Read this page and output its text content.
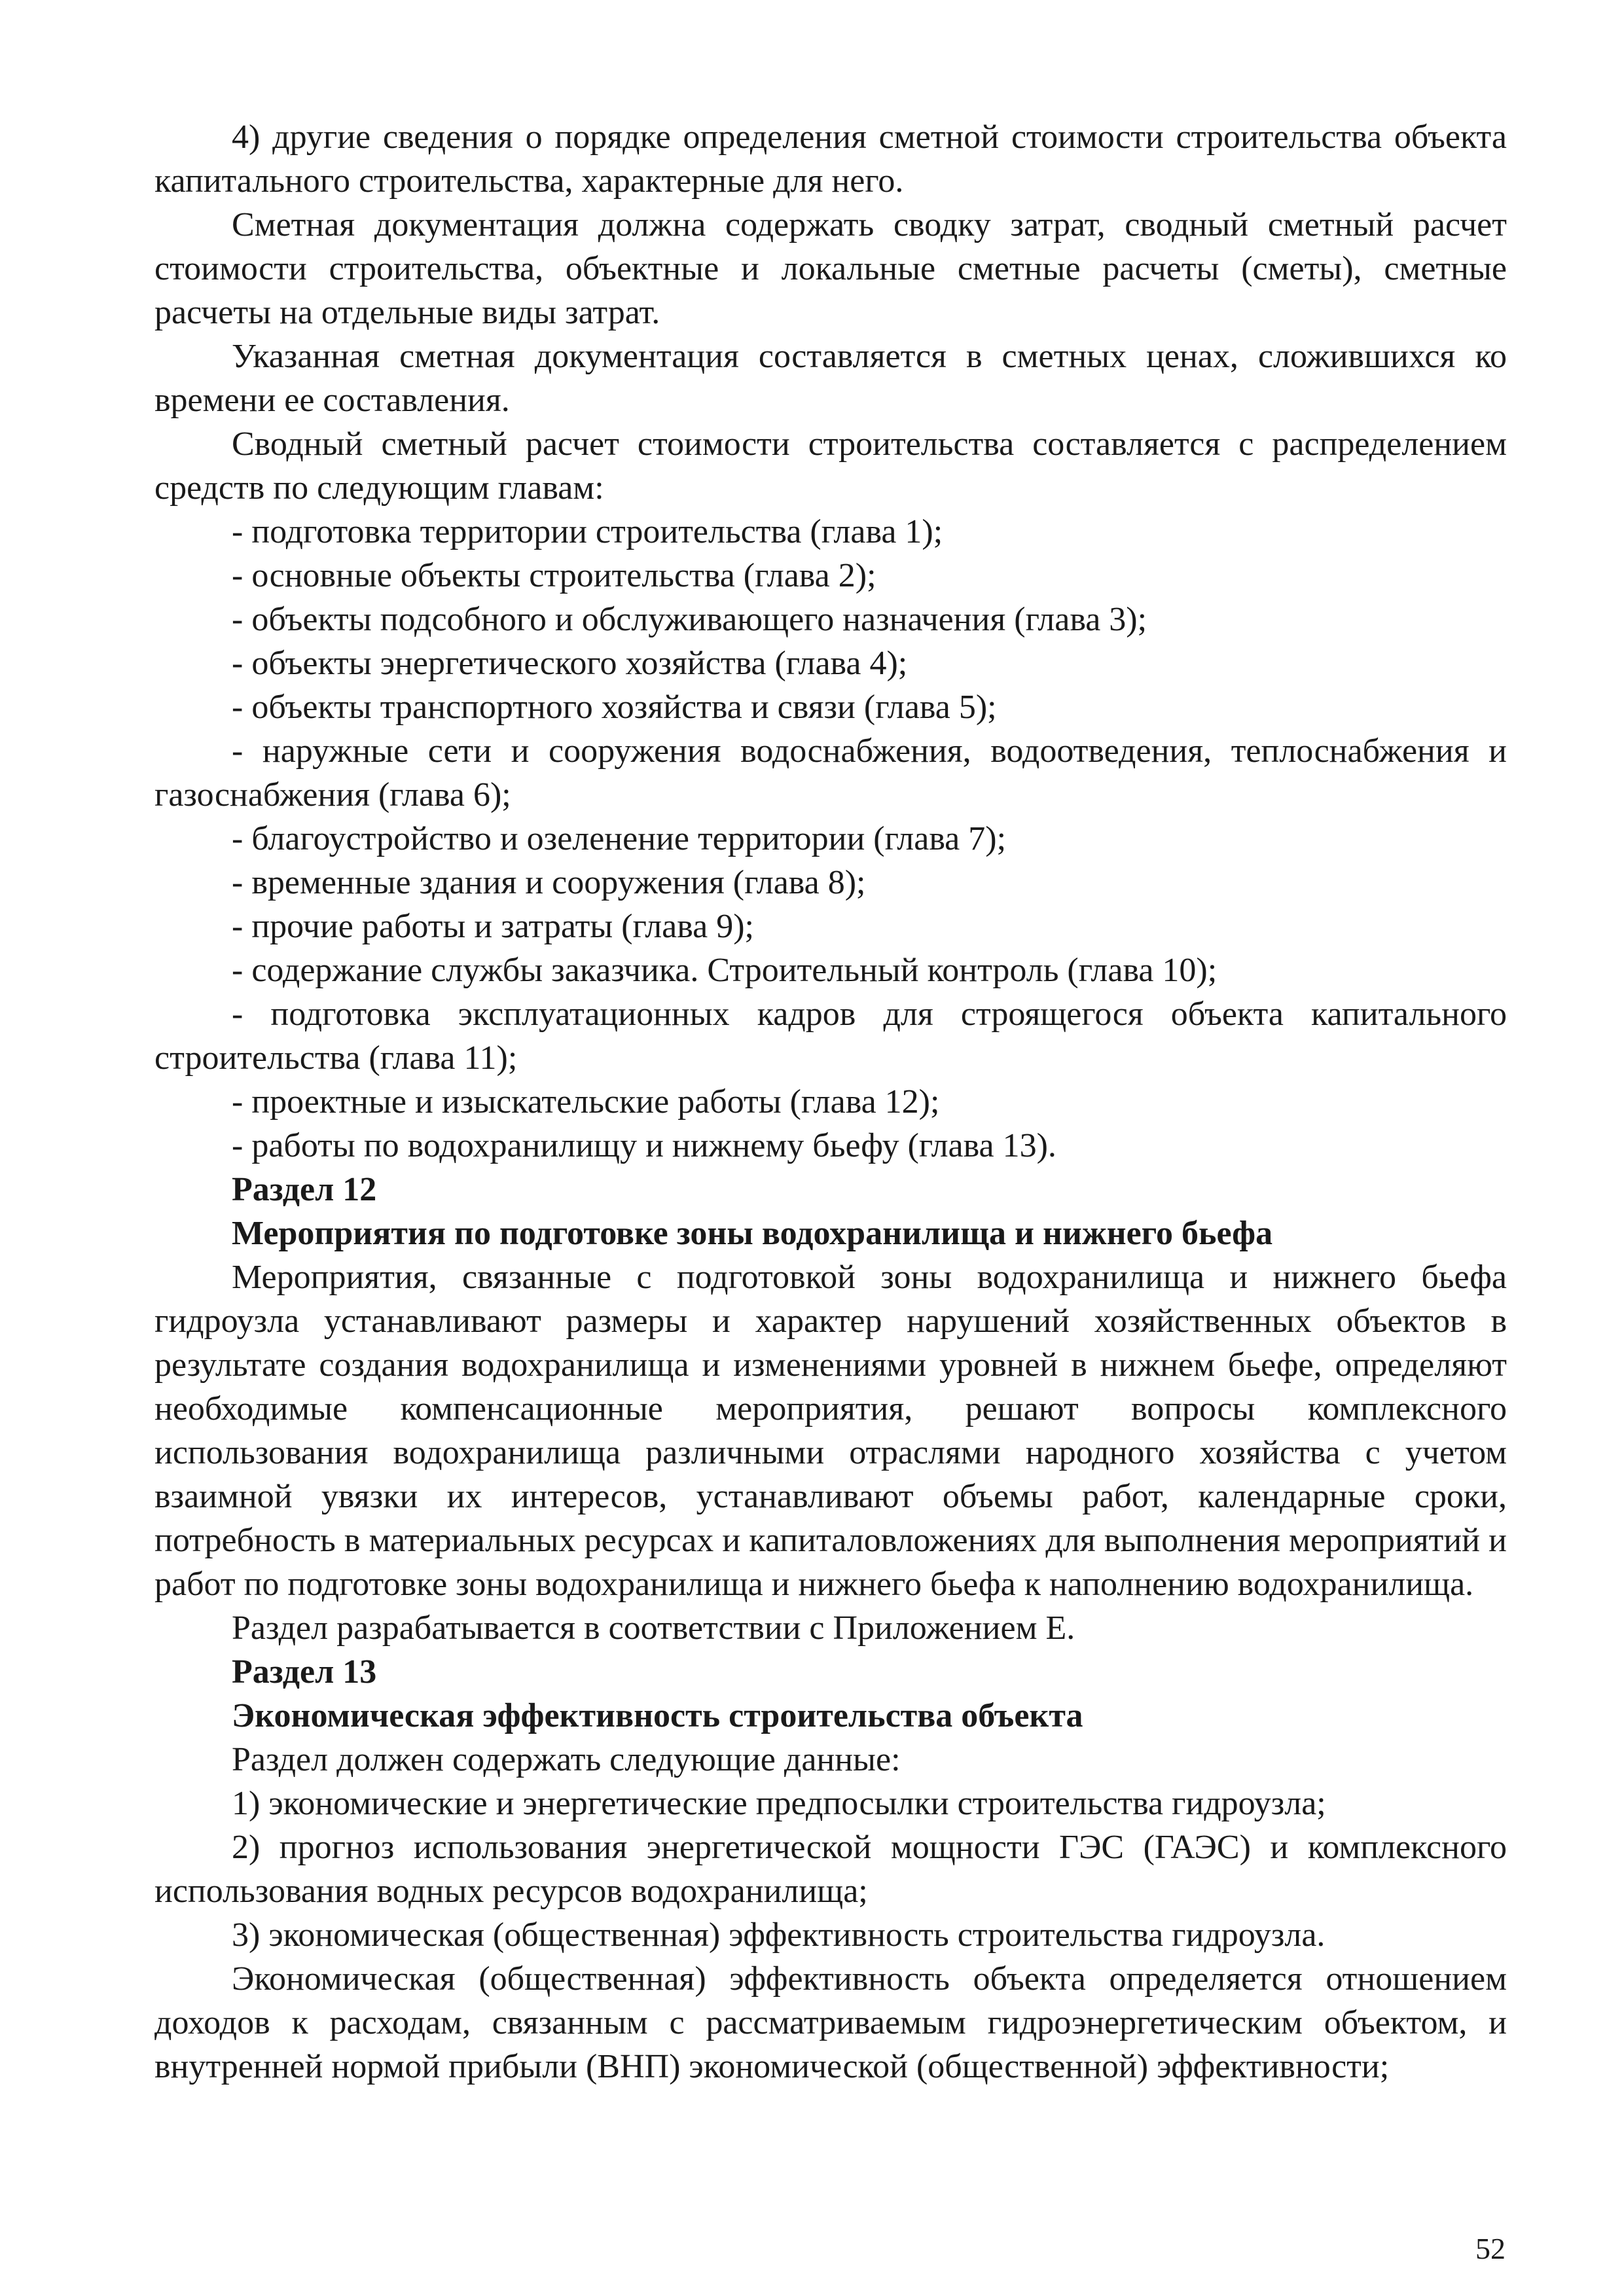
4) другие сведения о порядке определения сметной стоимости строительства объекта капитального строительства, характерные для него.

Сметная документация должна содержать сводку затрат, сводный сметный расчет стоимости строительства, объектные и локальные сметные расчеты (сметы), сметные расчеты на отдельные виды затрат.

Указанная сметная документация составляется в сметных ценах, сложившихся ко времени ее составления.

Сводный сметный расчет стоимости строительства составляется с распределением средств по следующим главам:

- подготовка территории строительства (глава 1);

- основные объекты строительства (глава 2);

- объекты подсобного и обслуживающего назначения (глава 3);

- объекты энергетического хозяйства (глава 4);

- объекты транспортного хозяйства и связи (глава 5);

- наружные сети и сооружения водоснабжения, водоотведения, теплоснабжения и газоснабжения (глава 6);

- благоустройство и озеленение территории (глава 7);

- временные здания и сооружения (глава 8);

- прочие работы и затраты (глава 9);

- содержание службы заказчика. Строительный контроль (глава 10);

- подготовка эксплуатационных кадров для строящегося объекта капитального строительства (глава 11);

- проектные и изыскательские работы (глава 12);

- работы по водохранилищу и нижнему бьефу (глава 13).

Раздел 12

Мероприятия по подготовке зоны водохранилища и нижнего бьефа

Мероприятия, связанные с подготовкой зоны водохранилища и нижнего бьефа гидроузла устанавливают размеры и характер нарушений хозяйственных объектов в результате создания водохранилища и изменениями уровней в нижнем бьефе, определяют необходимые компенсационные мероприятия, решают вопросы комплексного использования водохранилища различными отраслями народного хозяйства с учетом взаимной увязки их интересов, устанавливают объемы работ, календарные сроки, потребность в материальных ресурсах и капиталовложениях для выполнения мероприятий и работ по подготовке зоны водохранилища и нижнего бьефа к наполнению водохранилища.

Раздел разрабатывается в соответствии с Приложением Е.

Раздел 13

Экономическая эффективность строительства объекта

Раздел должен содержать следующие данные:

1) экономические и энергетические предпосылки строительства гидроузла;

2) прогноз использования энергетической мощности ГЭС (ГАЭС) и комплексного использования водных ресурсов водохранилища;

3) экономическая (общественная) эффективность строительства гидроузла.

Экономическая (общественная) эффективность объекта определяется отношением доходов к расходам, связанным с рассматриваемым гидроэнергетическим объектом, и внутренней нормой прибыли (ВНП) экономической (общественной) эффективности;

52
